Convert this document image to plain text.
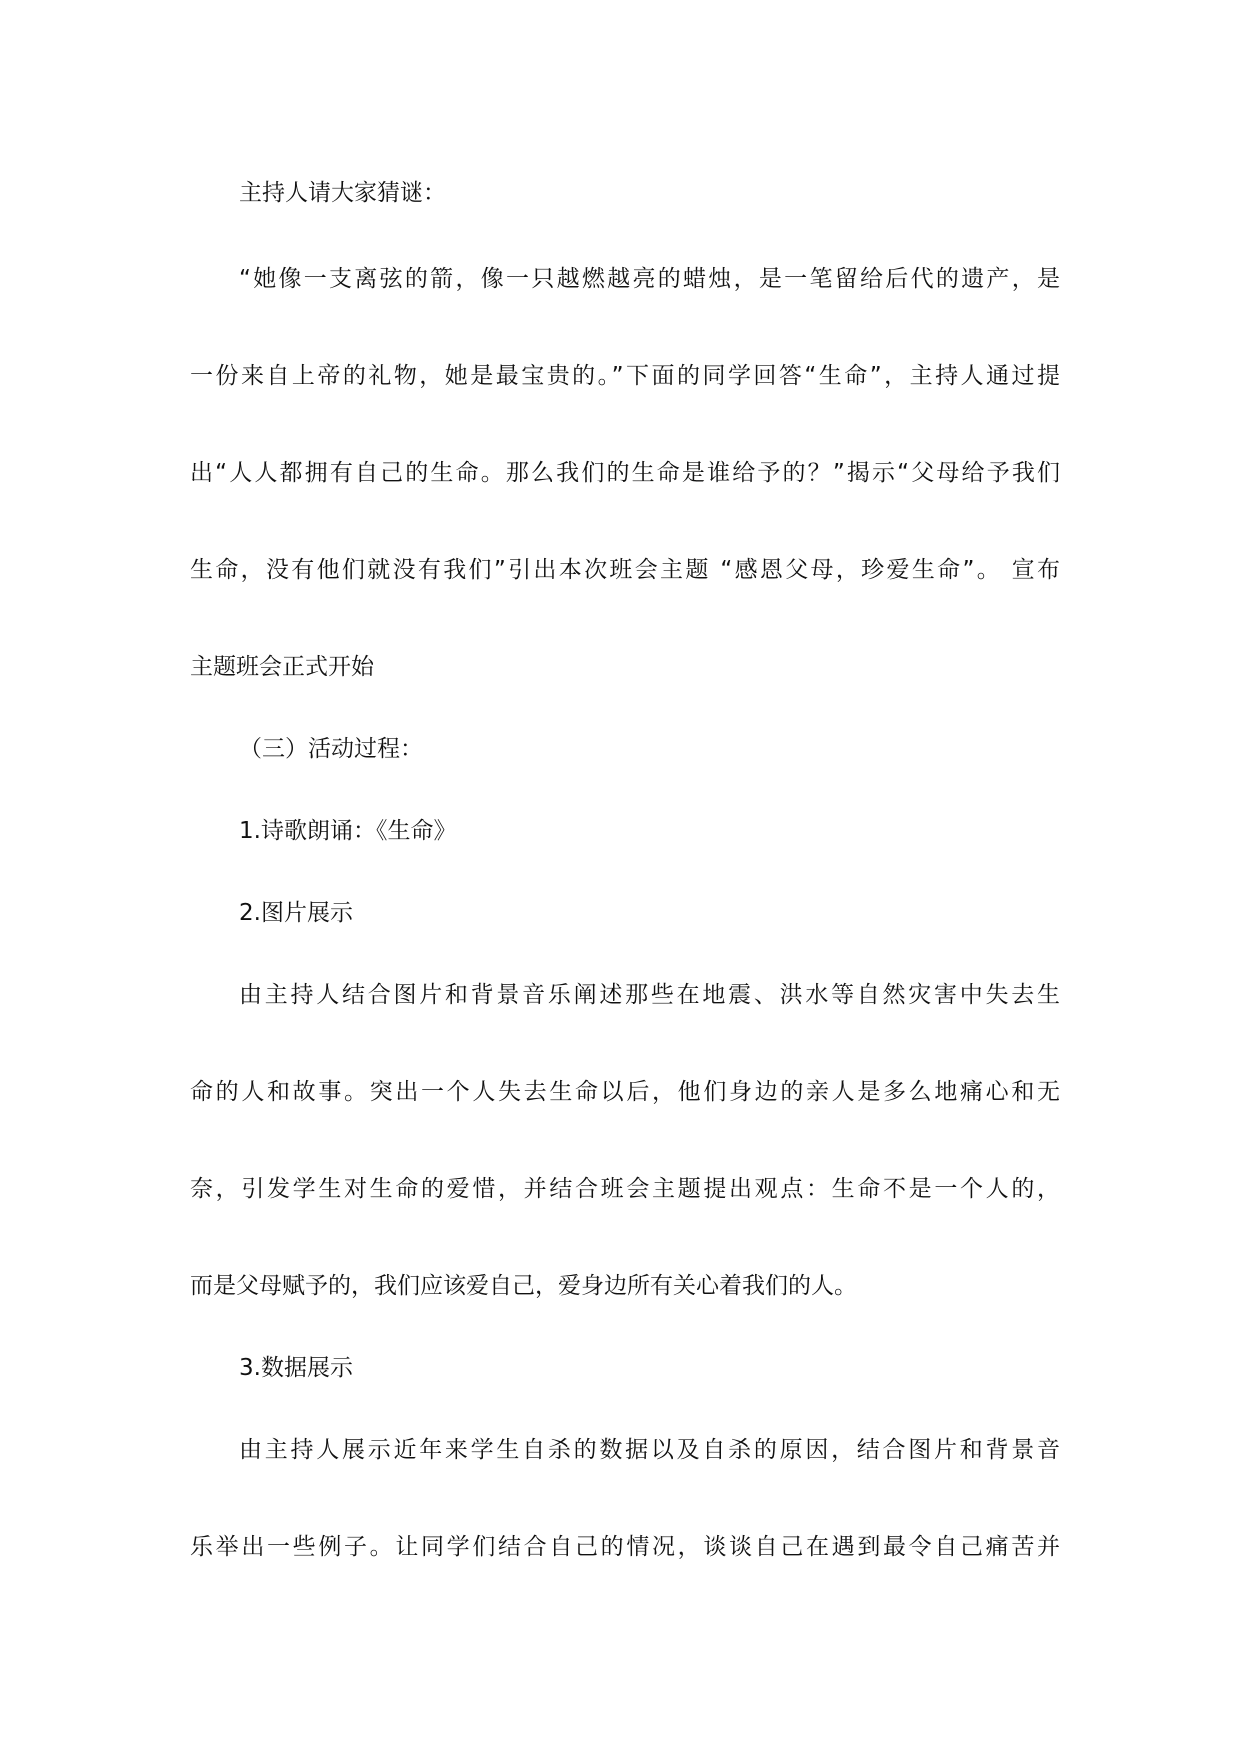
主持人请大家猜谜：
“她像一支离弦的箭，像一只越燃越亮的蜡烛，是一笔留给后代的遗产，是
一份来自上帝的礼物，她是最宝贵的。”下面的同学回答“生命”，主持人通过提
出“人人都拥有自己的生命。那么我们的生命是谁给予的？”揭示“父母给予我们
生命，没有他们就没有我们”引出本次班会主题 “感恩父母，珍爱生命”。 宣布
主题班会正式开始
（三）活动过程：
1.诗歌朗诵：《生命》
2.图片展示
由主持人结合图片和背景音乐阐述那些在地震、洪水等自然灾害中失去生
命的人和故事。突出一个人失去生命以后，他们身边的亲人是多么地痛心和无
奈，引发学生对生命的爱惜，并结合班会主题提出观点：生命不是一个人的，
而是父母赋予的，我们应该爱自己，爱身边所有关心着我们的人。
3.数据展示
由主持人展示近年来学生自杀的数据以及自杀的原因，结合图片和背景音
乐举出一些例子。让同学们结合自己的情况，谈谈自己在遇到最令自己痛苦并
